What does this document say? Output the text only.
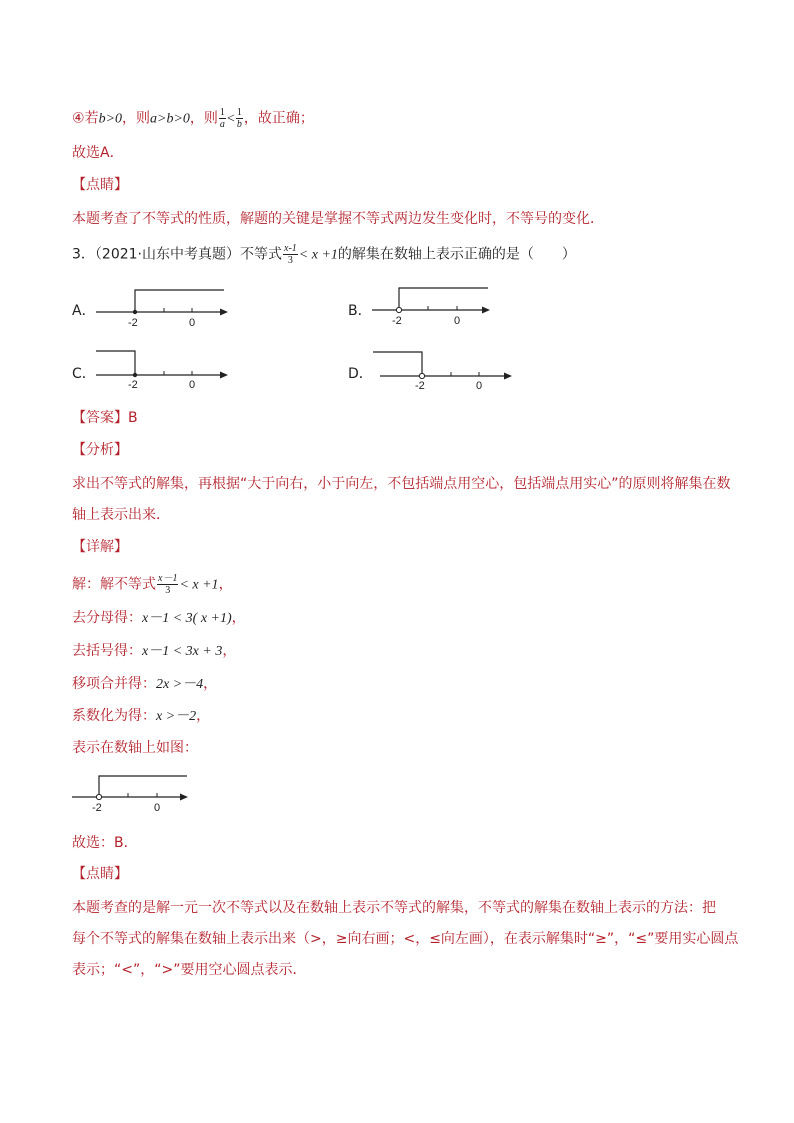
④若b>0，则a>b>0，则 $\frac{1}{a} < \frac{1}{b}$ ，故正确；
故选A．
【点睛】
本题考查了不等式的性质，解题的关键是掌握不等式两边发生变化时，不等号的变化．
3．（2021·山东中考真题）不等式 $\frac{x-1}{3} < x +1$的解集在数轴上表示正确的是（　　）
A．
-2	0
B．
-2	0
C．
-2	0
D．
-2	0
【答案】B
【分析】
求出不等式的解集，再根据“大于向右，小于向左，不包括端点用空心，包括端点用实心”的原则将解集在数
轴上表示出来．
【详解】
解：解不等式 $\frac{x-1}{3} < x +1$，
去分母得：x－1 < 3( x +1)，
去括号得：x－1 < 3x + 3，
移项合并得：2x >－4，
系数化为得：x >－2，
表示在数轴上如图：
-2	0
故选：B．
【点睛】
本题考查的是解一元一次不等式以及在数轴上表示不等式的解集，不等式的解集在数轴上表示的方法：把
每个不等式的解集在数轴上表示出来（>，≥向右画；<，≤向左画），在表示解集时“≥”，“≤”要用实心圆点
表示；“<”，“>”要用空心圆点表示．
